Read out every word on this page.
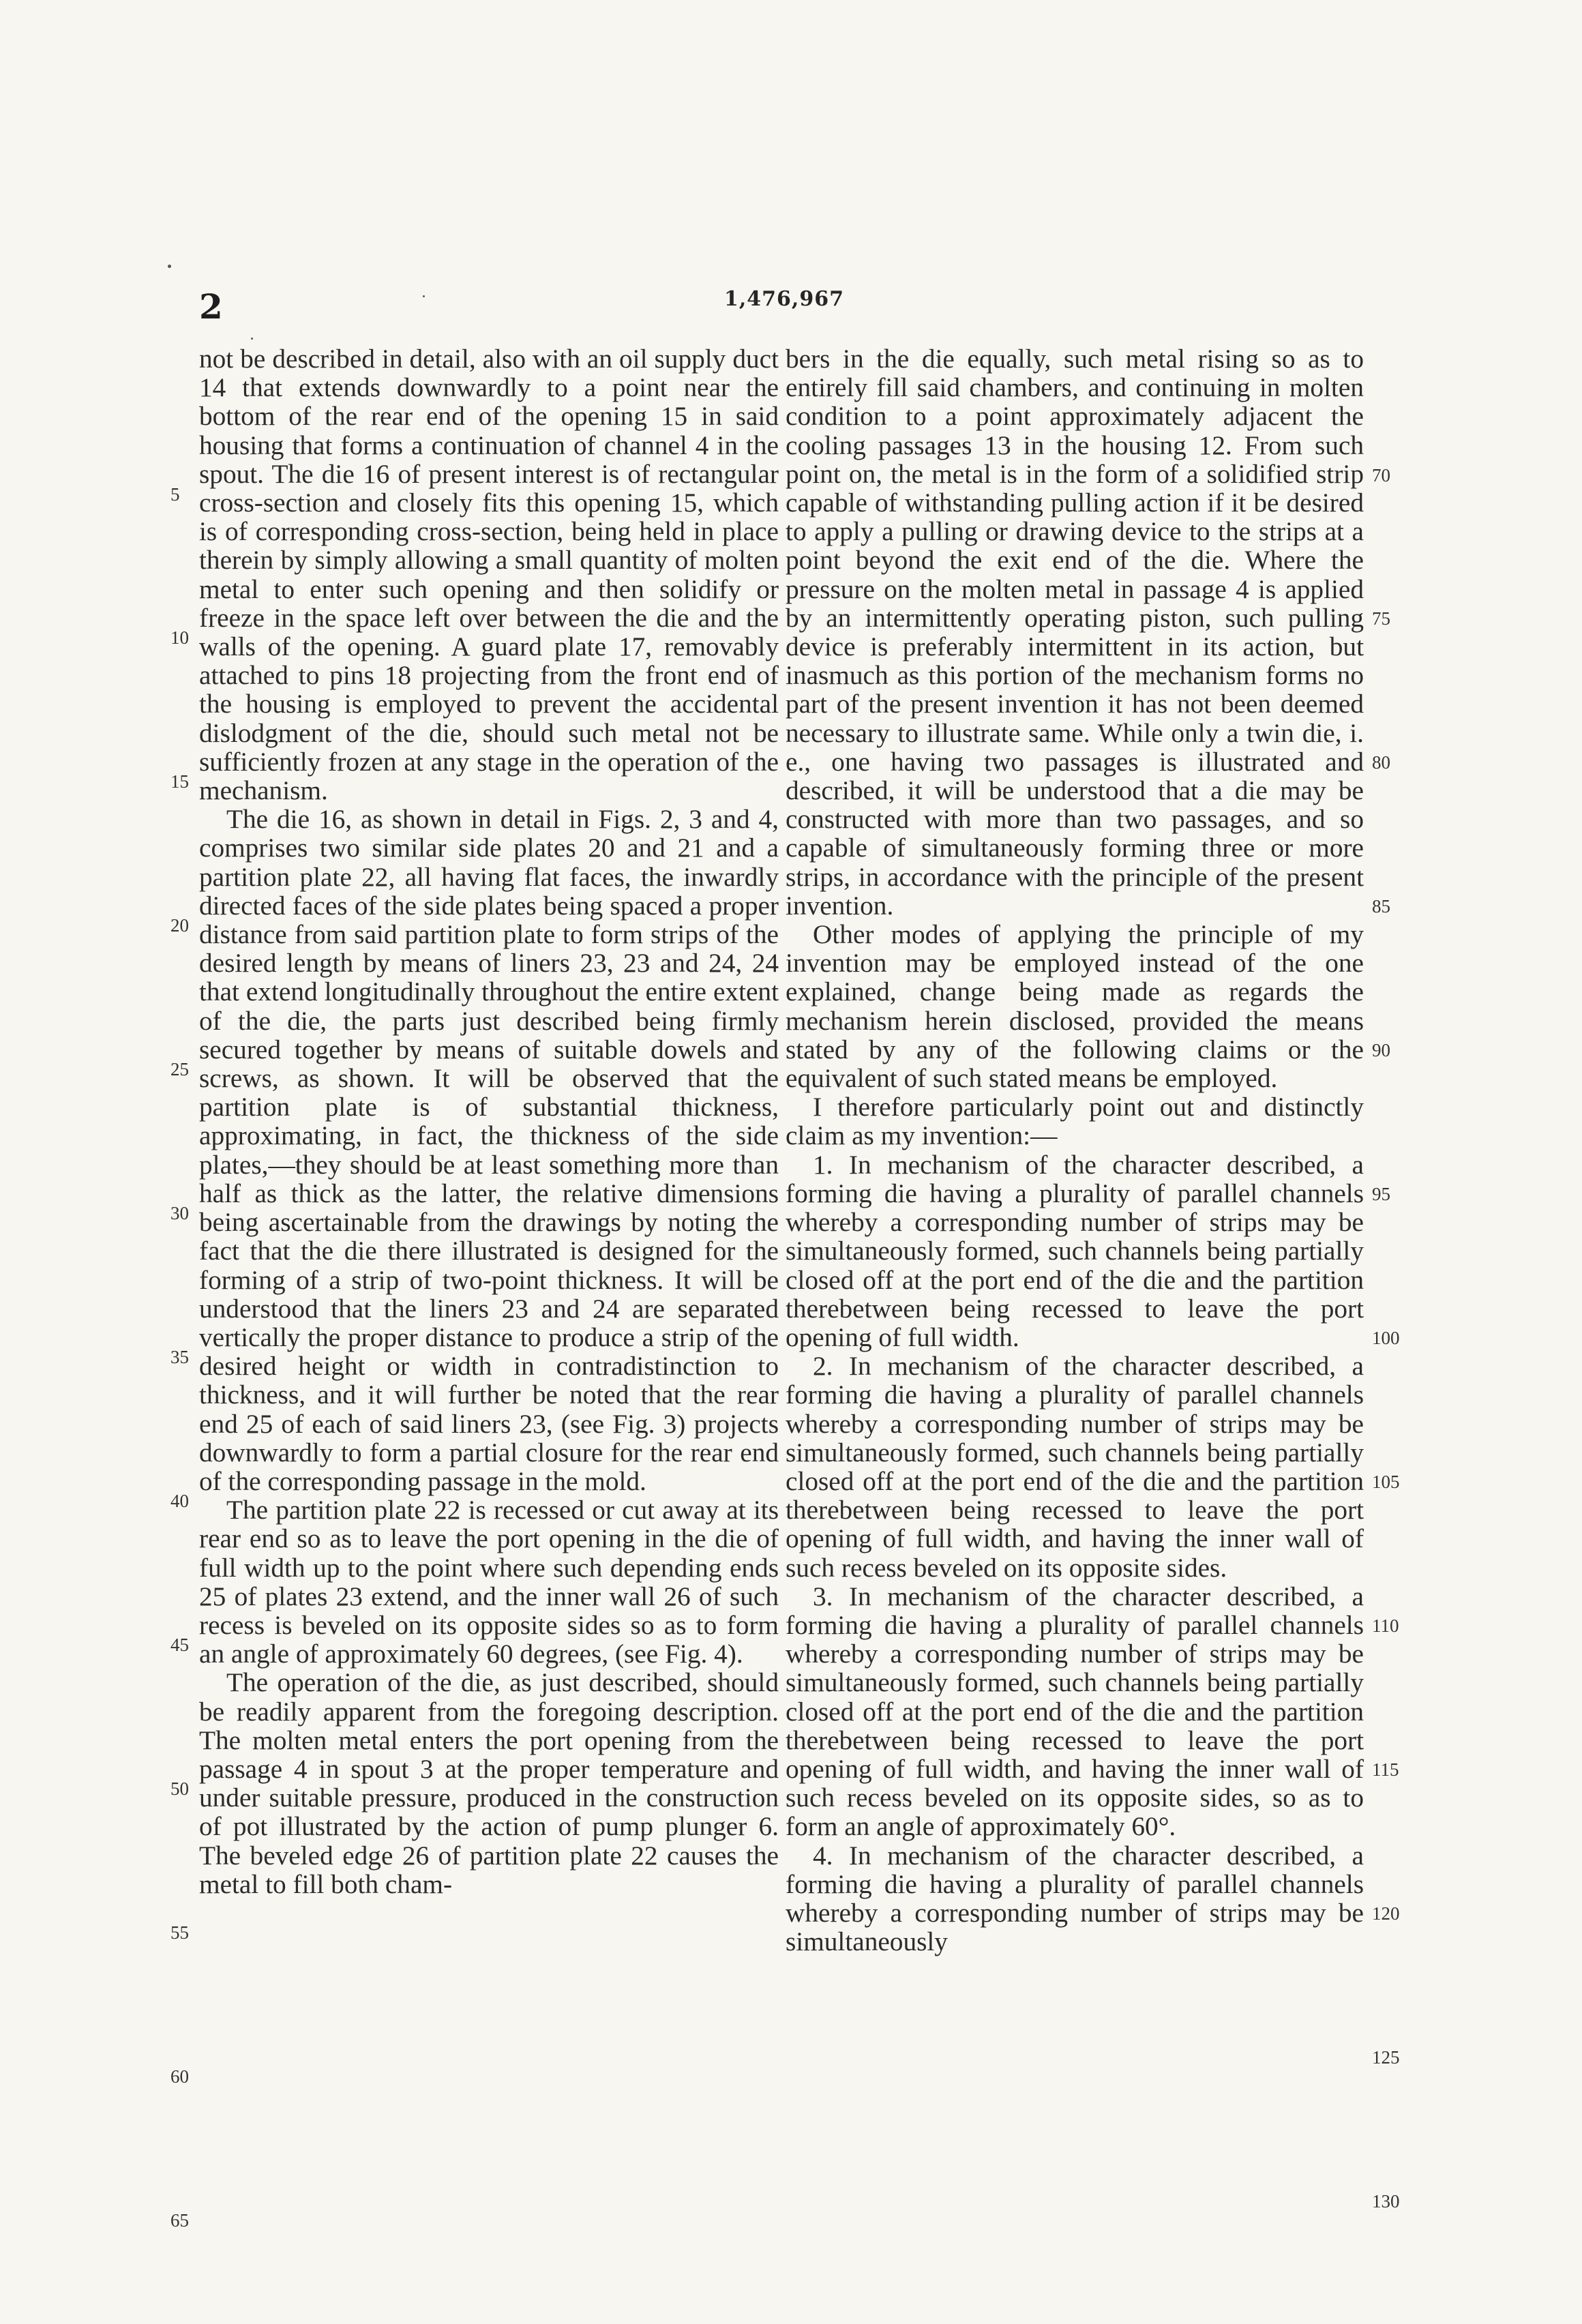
2	1,476,967
5
10
15
20
25
30
35
40
45
50
55
60
65
70
75
80
85
90
95
100
105
110
115
120
125
130

not be described in detail, also with an oil supply duct 14 that extends downwardly to a point near the bottom of the rear end of the opening 15 in said housing that forms a continuation of channel 4 in the spout. The die 16 of present interest is of rectangular cross-section and closely fits this opening 15, which is of corresponding cross-section, being held in place therein by simply allowing a small quantity of molten metal to enter such opening and then solidify or freeze in the space left over between the die and the walls of the opening. A guard plate 17, removably attached to pins 18 projecting from the front end of the housing is employed to prevent the accidental dislodgment of the die, should such metal not be sufficiently frozen at any stage in the operation of the mechanism.

The die 16, as shown in detail in Figs. 2, 3 and 4, comprises two similar side plates 20 and 21 and a partition plate 22, all having flat faces, the inwardly directed faces of the side plates being spaced a proper distance from said partition plate to form strips of the desired length by means of liners 23, 23 and 24, 24 that extend longitudinally throughout the entire extent of the die, the parts just described being firmly secured together by means of suitable dowels and screws, as shown. It will be observed that the partition plate is of substantial thickness, approximating, in fact, the thickness of the side plates,—they should be at least something more than half as thick as the latter, the relative dimensions being ascertainable from the drawings by noting the fact that the die there illustrated is designed for the forming of a strip of two-point thickness. It will be understood that the liners 23 and 24 are separated vertically the proper distance to produce a strip of the desired height or width in contradistinction to thickness, and it will further be noted that the rear end 25 of each of said liners 23, (see Fig. 3) projects downwardly to form a partial closure for the rear end of the corresponding passage in the mold.

The partition plate 22 is recessed or cut away at its rear end so as to leave the port opening in the die of full width up to the point where such depending ends 25 of plates 23 extend, and the inner wall 26 of such recess is beveled on its opposite sides so as to form an angle of approximately 60 degrees, (see Fig. 4).

The operation of the die, as just described, should be readily apparent from the foregoing description. The molten metal enters the port opening from the passage 4 in spout 3 at the proper temperature and under suitable pressure, produced in the construction of pot illustrated by the action of pump plunger 6. The beveled edge 26 of partition plate 22 causes the metal to fill both cham-

bers in the die equally, such metal rising so as to entirely fill said chambers, and continuing in molten condition to a point approximately adjacent the cooling passages 13 in the housing 12. From such point on, the metal is in the form of a solidified strip capable of withstanding pulling action if it be desired to apply a pulling or drawing device to the strips at a point beyond the exit end of the die. Where the pressure on the molten metal in passage 4 is applied by an intermittently operating piston, such pulling device is preferably intermittent in its action, but inasmuch as this portion of the mechanism forms no part of the present invention it has not been deemed necessary to illustrate same. While only a twin die, i. e., one having two passages is illustrated and described, it will be understood that a die may be constructed with more than two passages, and so capable of simultaneously forming three or more strips, in accordance with the principle of the present invention.

Other modes of applying the principle of my invention may be employed instead of the one explained, change being made as regards the mechanism herein disclosed, provided the means stated by any of the following claims or the equivalent of such stated means be employed.

I therefore particularly point out and distinctly claim as my invention:—

1. In mechanism of the character described, a forming die having a plurality of parallel channels whereby a corresponding number of strips may be simultaneously formed, such channels being partially closed off at the port end of the die and the partition therebetween being recessed to leave the port opening of full width.

2. In mechanism of the character described, a forming die having a plurality of parallel channels whereby a corresponding number of strips may be simultaneously formed, such channels being partially closed off at the port end of the die and the partition therebetween being recessed to leave the port opening of full width, and having the inner wall of such recess beveled on its opposite sides.

3. In mechanism of the character described, a forming die having a plurality of parallel channels whereby a corresponding number of strips may be simultaneously formed, such channels being partially closed off at the port end of the die and the partition therebetween being recessed to leave the port opening of full width, and having the inner wall of such recess beveled on its opposite sides, so as to form an angle of approximately 60°.

4. In mechanism of the character described, a forming die having a plurality of parallel channels whereby a corresponding number of strips may be simultaneously
